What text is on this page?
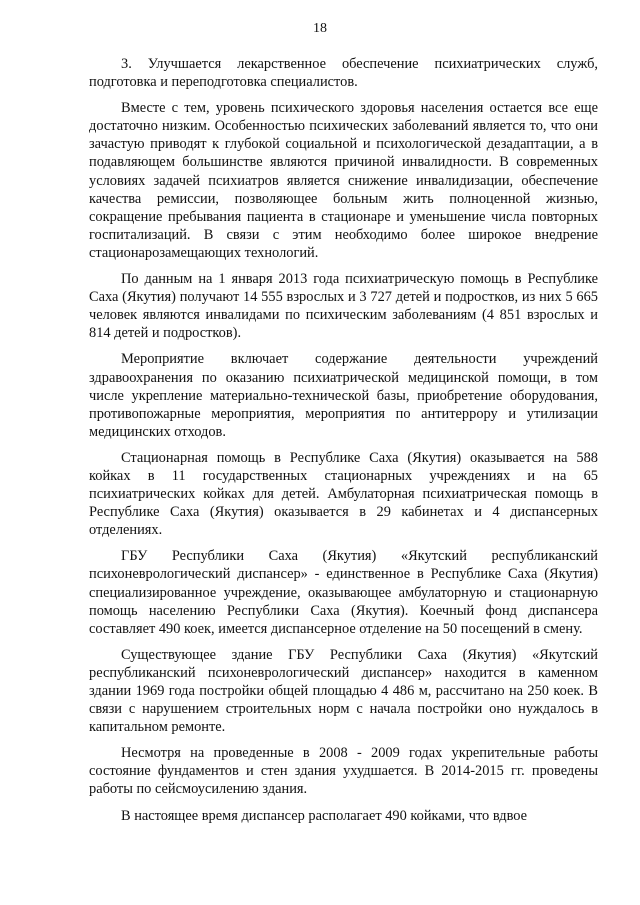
18

3. Улучшается лекарственное обеспечение психиатрических служб, подготовка и переподготовка специалистов.

Вместе с тем, уровень психического здоровья населения остается все еще достаточно низким. Особенностью психических заболеваний является то, что они зачастую приводят к глубокой социальной и психологической дезадаптации, а в подавляющем большинстве являются причиной инвалидности. В современных условиях задачей психиатров является снижение инвалидизации, обеспечение качества ремиссии, позволяющее больным жить полноценной жизнью, сокращение пребывания пациента в стационаре и уменьшение числа повторных госпитализаций. В связи с этим необходимо более широкое внедрение стационарозамещающих технологий.

По данным на 1 января 2013 года психиатрическую помощь в Республике Саха (Якутия) получают 14 555 взрослых и 3 727 детей и подростков, из них 5 665 человек являются инвалидами по психическим заболеваниям (4 851 взрослых и 814 детей и подростков).

Мероприятие включает содержание деятельности учреждений здравоохранения по оказанию психиатрической медицинской помощи, в том числе укрепление материально-технической базы, приобретение оборудования, противопожарные мероприятия, мероприятия по антитеррору и утилизации медицинских отходов.

Стационарная помощь в Республике Саха (Якутия) оказывается на 588 койках в 11 государственных стационарных учреждениях и на 65 психиатрических койках для детей. Амбулаторная психиатрическая помощь в Республике Саха (Якутия) оказывается в 29 кабинетах и 4 диспансерных отделениях.

ГБУ Республики Саха (Якутия) «Якутский республиканский психоневрологический диспансер» - единственное в Республике Саха (Якутия) специализированное учреждение, оказывающее амбулаторную и стационарную помощь населению Республики Саха (Якутия). Коечный фонд диспансера составляет 490 коек, имеется диспансерное отделение на 50 посещений в смену.

Существующее здание ГБУ Республики Саха (Якутия) «Якутский республиканский психоневрологический диспансер» находится в каменном здании 1969 года постройки общей площадью 4 486 м, рассчитано на 250 коек. В связи с нарушением строительных норм с начала постройки оно нуждалось в капитальном ремонте.

Несмотря на проведенные в 2008 - 2009 годах укрепительные работы состояние фундаментов и стен здания ухудшается. В 2014-2015 гг. проведены работы по сейсмоусилению здания.

В настоящее время диспансер располагает 490 койками, что вдвое
